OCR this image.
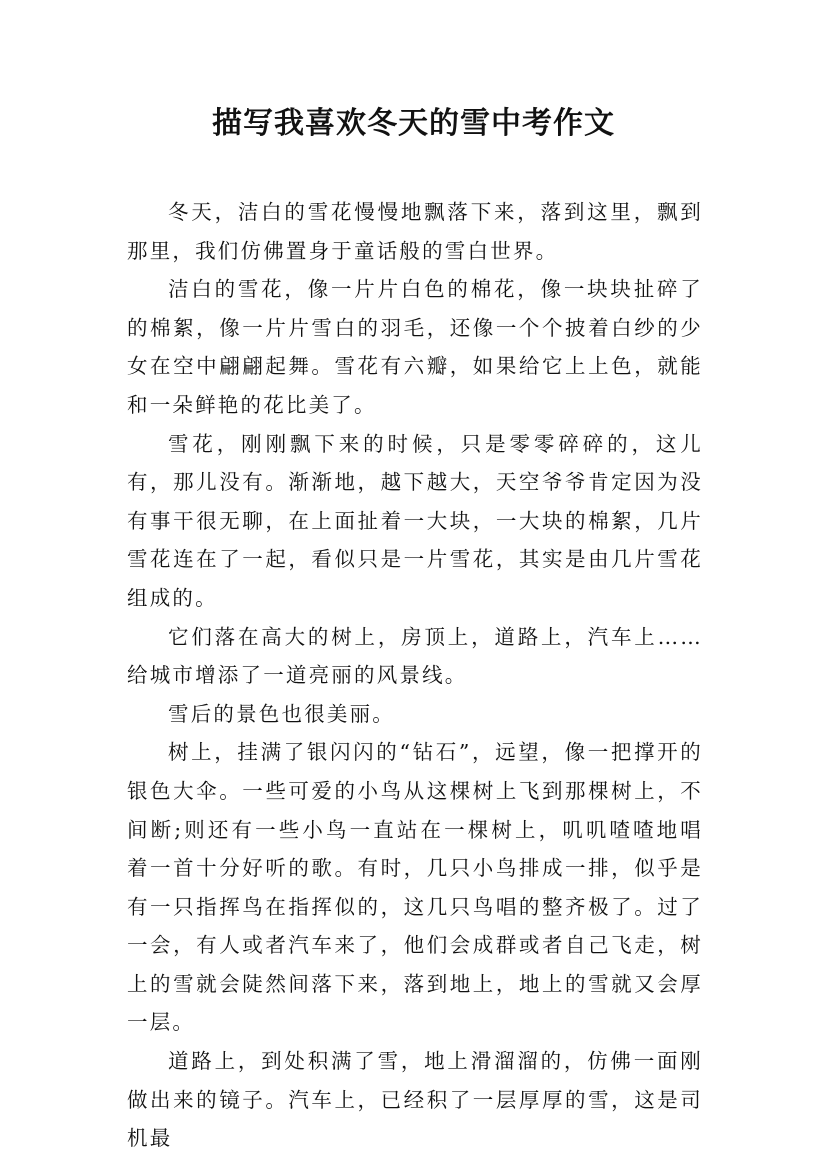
描写我喜欢冬天的雪中考作文

冬天，洁白的雪花慢慢地飘落下来，落到这里，飘到那里，我们仿佛置身于童话般的雪白世界。

洁白的雪花，像一片片白色的棉花，像一块块扯碎了的棉絮，像一片片雪白的羽毛，还像一个个披着白纱的少女在空中翩翩起舞。雪花有六瓣，如果给它上上色，就能和一朵鲜艳的花比美了。

雪花，刚刚飘下来的时候，只是零零碎碎的，这儿有，那儿没有。渐渐地，越下越大，天空爷爷肯定因为没有事干很无聊，在上面扯着一大块，一大块的棉絮，几片雪花连在了一起，看似只是一片雪花，其实是由几片雪花组成的。

它们落在高大的树上，房顶上，道路上，汽车上……给城市增添了一道亮丽的风景线。

雪后的景色也很美丽。

树上，挂满了银闪闪的“钻石”，远望，像一把撑开的银色大伞。一些可爱的小鸟从这棵树上飞到那棵树上，不间断;则还有一些小鸟一直站在一棵树上，叽叽喳喳地唱着一首十分好听的歌。有时，几只小鸟排成一排，似乎是有一只指挥鸟在指挥似的，这几只鸟唱的整齐极了。过了一会，有人或者汽车来了，他们会成群或者自己飞走，树上的雪就会陡然间落下来，落到地上，地上的雪就又会厚一层。

道路上，到处积满了雪，地上滑溜溜的，仿佛一面刚做出来的镜子。汽车上，已经积了一层厚厚的雪，这是司机最
